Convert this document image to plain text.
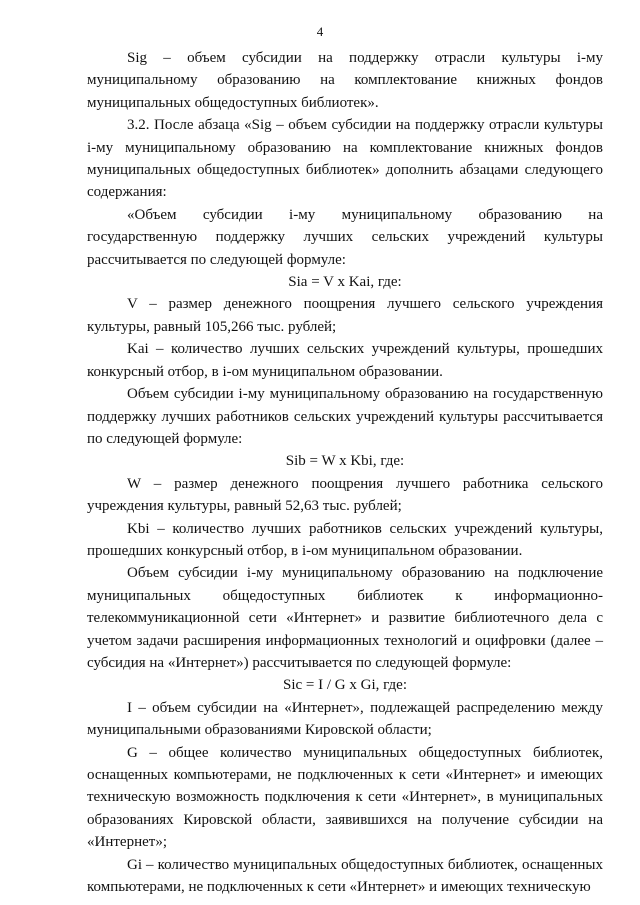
4

Sig – объем субсидии на поддержку отрасли культуры i-му муниципальному образованию на комплектование книжных фондов муниципальных общедоступных библиотек».

3.2. После абзаца «Sig – объем субсидии на поддержку отрасли культуры i-му муниципальному образованию на комплектование книжных фондов муниципальных общедоступных библиотек» дополнить абзацами следующего содержания:

«Объем субсидии i-му муниципальному образованию на государственную поддержку лучших сельских учреждений культуры рассчитывается по следующей формуле:

Sia = V x Kai, где:

V – размер денежного поощрения лучшего сельского учреждения культуры, равный 105,266 тыс. рублей;

Kai – количество лучших сельских учреждений культуры, прошедших конкурсный отбор, в i-ом муниципальном образовании.

Объем субсидии i-му муниципальному образованию на государственную поддержку лучших работников сельских учреждений культуры рассчитывается по следующей формуле:

Sib = W x Kbi, где:

W – размер денежного поощрения лучшего работника сельского учреждения культуры, равный 52,63 тыс. рублей;

Kbi – количество лучших работников сельских учреждений культуры, прошедших конкурсный отбор, в i-ом муниципальном образовании.

Объем субсидии i-му муниципальному образованию на подключение муниципальных общедоступных библиотек к информационно-телекоммуникационной сети «Интернет» и развитие библиотечного дела с учетом задачи расширения информационных технологий и оцифровки (далее – субсидия на «Интернет») рассчитывается по следующей формуле:

Sic = I / G x Gi, где:

I – объем субсидии на «Интернет», подлежащей распределению между муниципальными образованиями Кировской области;

G – общее количество муниципальных общедоступных библиотек, оснащенных компьютерами, не подключенных к сети «Интернет» и имеющих техническую возможность подключения к сети «Интернет», в муниципальных образованиях Кировской области, заявившихся на получение субсидии на «Интернет»;

Gi – количество муниципальных общедоступных библиотек, оснащенных компьютерами, не подключенных к сети «Интернет» и имеющих техническую
